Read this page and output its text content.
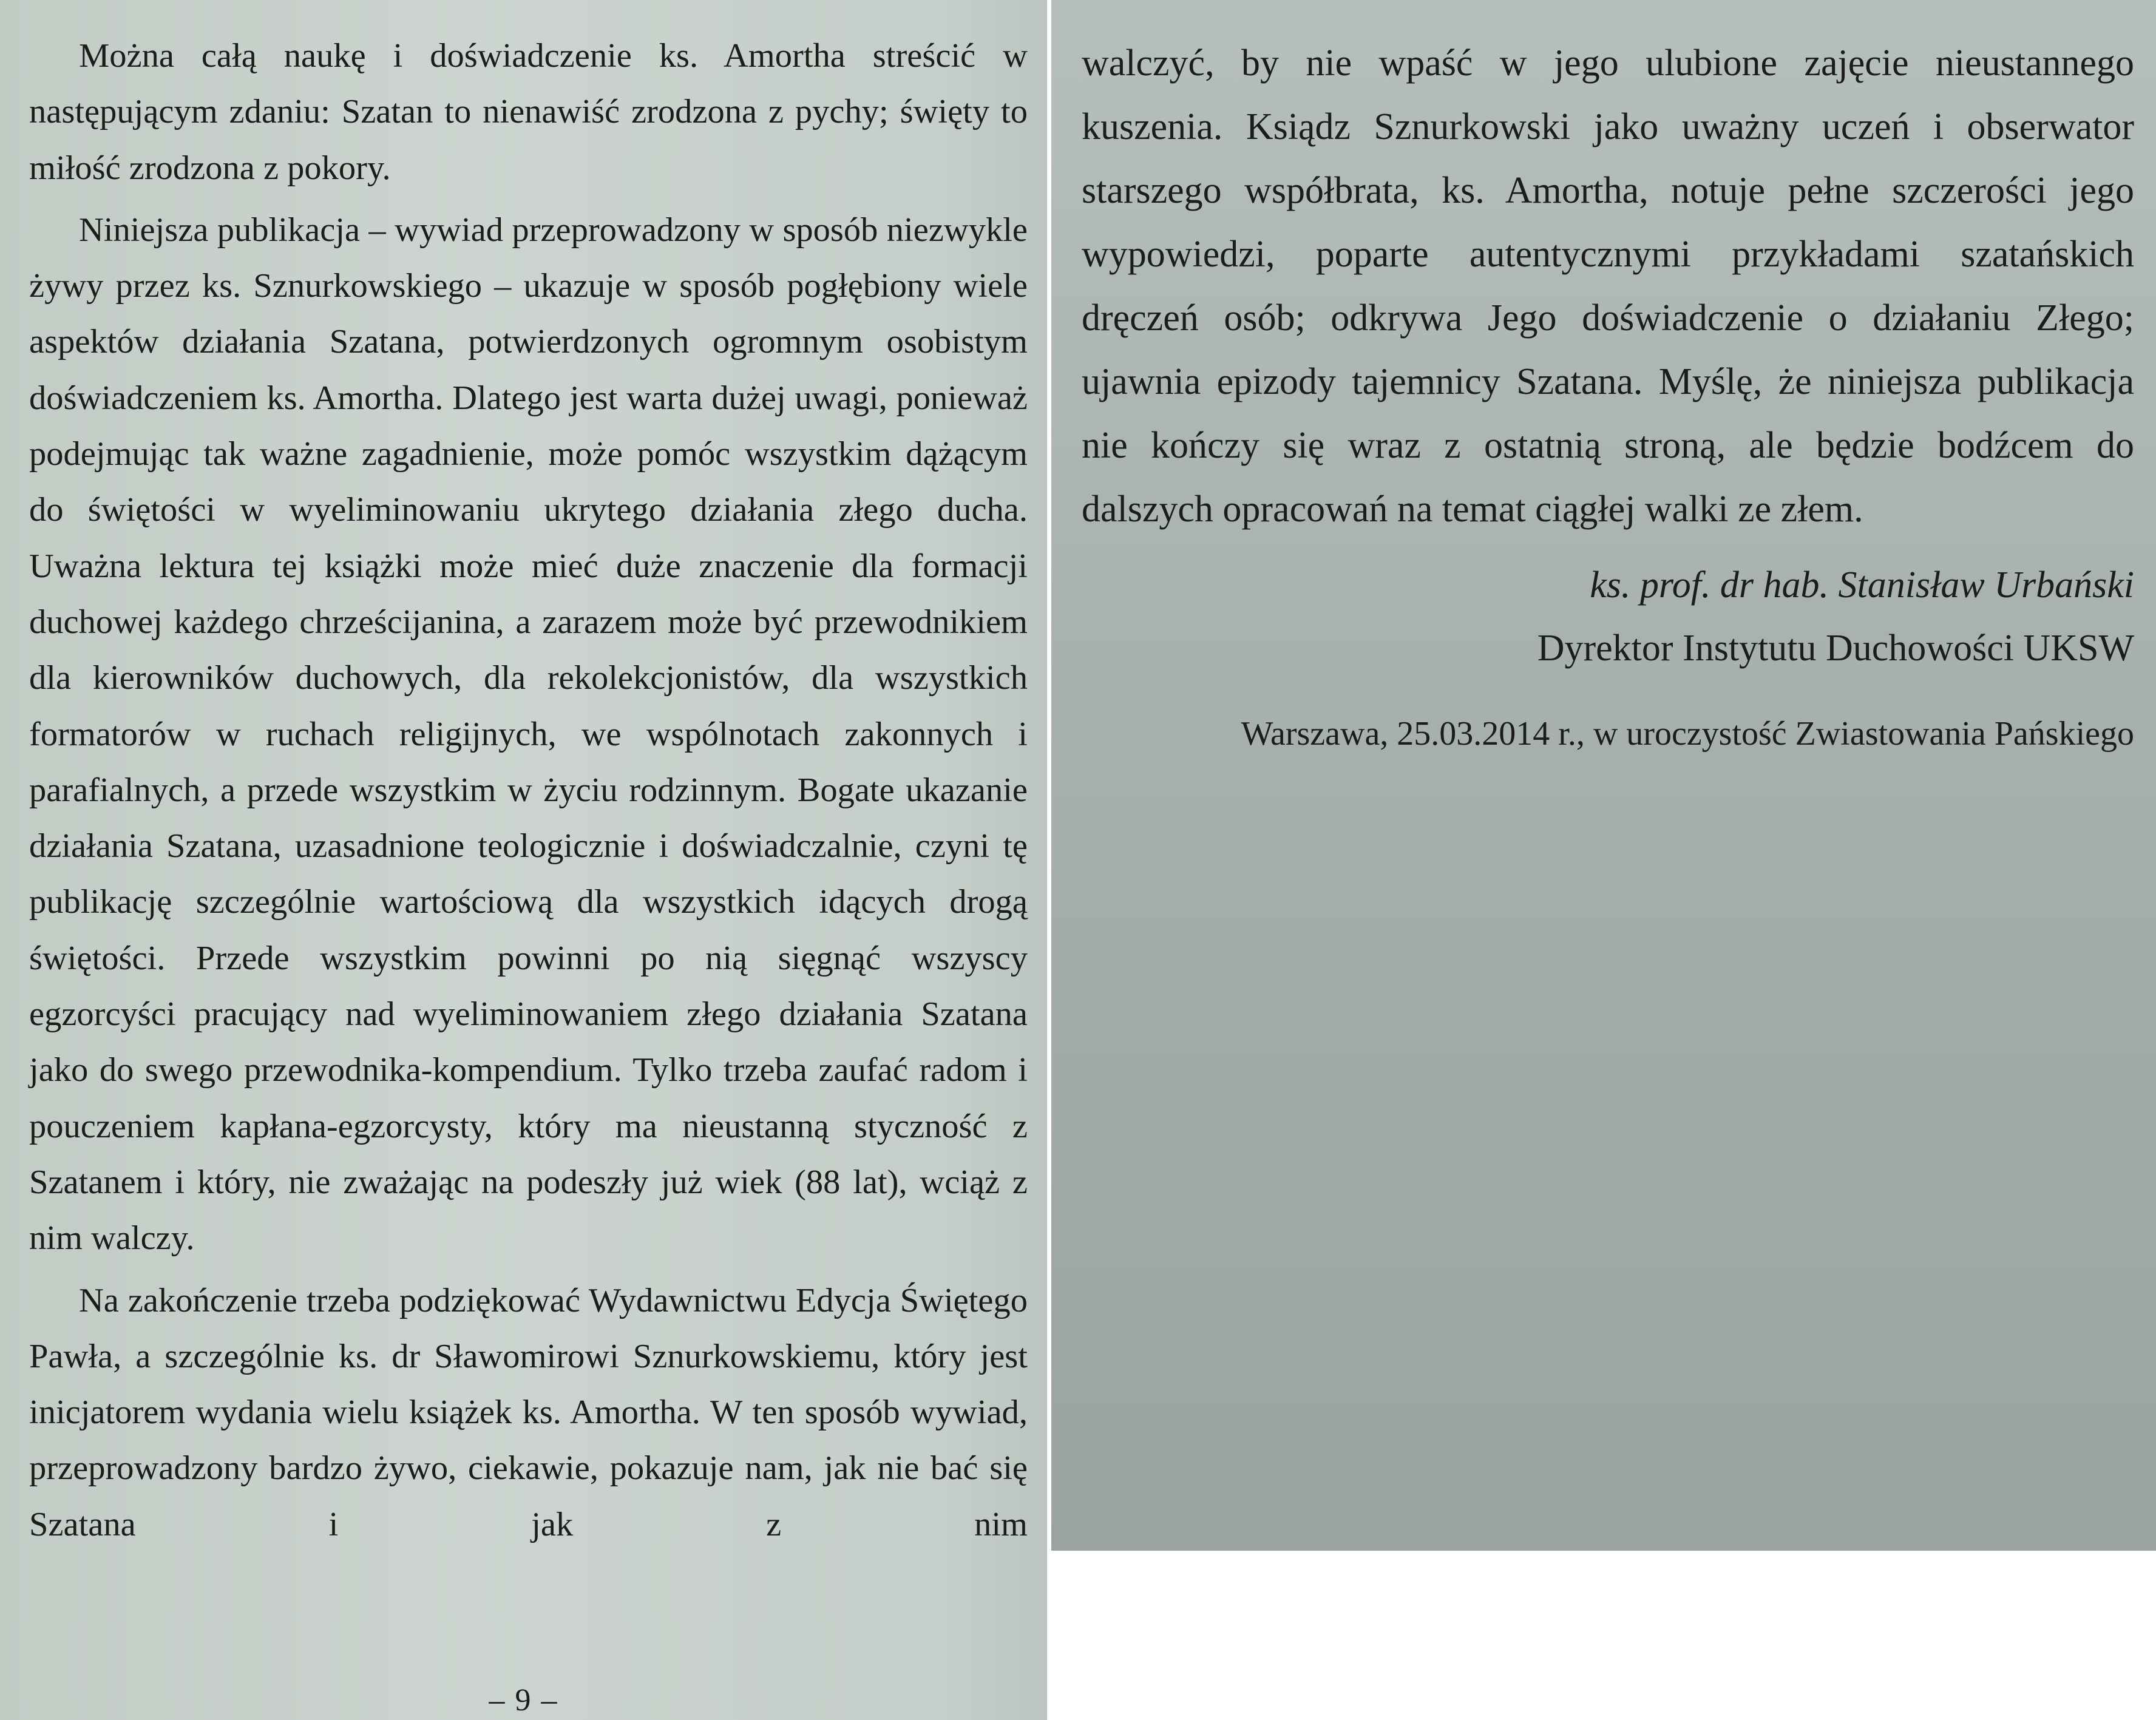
Można całą naukę i doświadczenie ks. Amortha streścić w następującym zdaniu: Szatan to nienawiść zrodzona z pychy; święty to miłość zrodzona z pokory.

Niniejsza publikacja – wywiad przeprowadzony w sposób niezwykle żywy przez ks. Sznurkowskiego – ukazuje w sposób pogłębiony wiele aspektów działania Szatana, potwierdzonych ogromnym osobistym doświadczeniem ks. Amortha. Dlatego jest warta dużej uwagi, ponieważ podejmując tak ważne zagadnienie, może pomóc wszystkim dążącym do świętości w wyeliminowaniu ukrytego działania złego ducha. Uważna lektura tej książki może mieć duże znaczenie dla formacji duchowej każdego chrześcijanina, a zarazem może być przewodnikiem dla kierowników duchowych, dla rekolekcjonistów, dla wszystkich formatorów w ruchach religijnych, we wspólnotach zakonnych i parafialnych, a przede wszystkim w życiu rodzinnym. Bogate ukazanie działania Szatana, uzasadnione teologicznie i doświadczalnie, czyni tę publikację szczególnie wartościową dla wszystkich idących drogą świętości. Przede wszystkim powinni po nią sięgnąć wszyscy egzorcyści pracujący nad wyeliminowaniem złego działania Szatana jako do swego przewodnika-kompendium. Tylko trzeba zaufać radom i pouczeniem kapłana-egzorcysty, który ma nieustanną styczność z Szatanem i który, nie zważając na podeszły już wiek (88 lat), wciąż z nim walczy.

Na zakończenie trzeba podziękować Wydawnictwu Edycja Świętego Pawła, a szczególnie ks. dr Sławomirowi Sznurkowskiemu, który jest inicjatorem wydania wielu książek ks. Amortha. W ten sposób wywiad, przeprowadzony bardzo żywo, ciekawie, pokazuje nam, jak nie bać się Szatana i jak z nim

– 9 –

walczyć, by nie wpaść w jego ulubione zajęcie nieustannego kuszenia. Ksiądz Sznurkowski jako uważny uczeń i obserwator starszego współbrata, ks. Amortha, notuje pełne szczerości jego wypowiedzi, poparte autentycznymi przykładami szatańskich dręczeń osób; odkrywa Jego doświadczenie o działaniu Złego; ujawnia epizody tajemnicy Szatana. Myślę, że niniejsza publikacja nie kończy się wraz z ostatnią stroną, ale będzie bodźcem do dalszych opracowań na temat ciągłej walki ze złem.

ks. prof. dr hab. Stanisław Urbański
Dyrektor Instytutu Duchowości UKSW
Warszawa, 25.03.2014 r., w uroczystość Zwiastowania Pańskiego
